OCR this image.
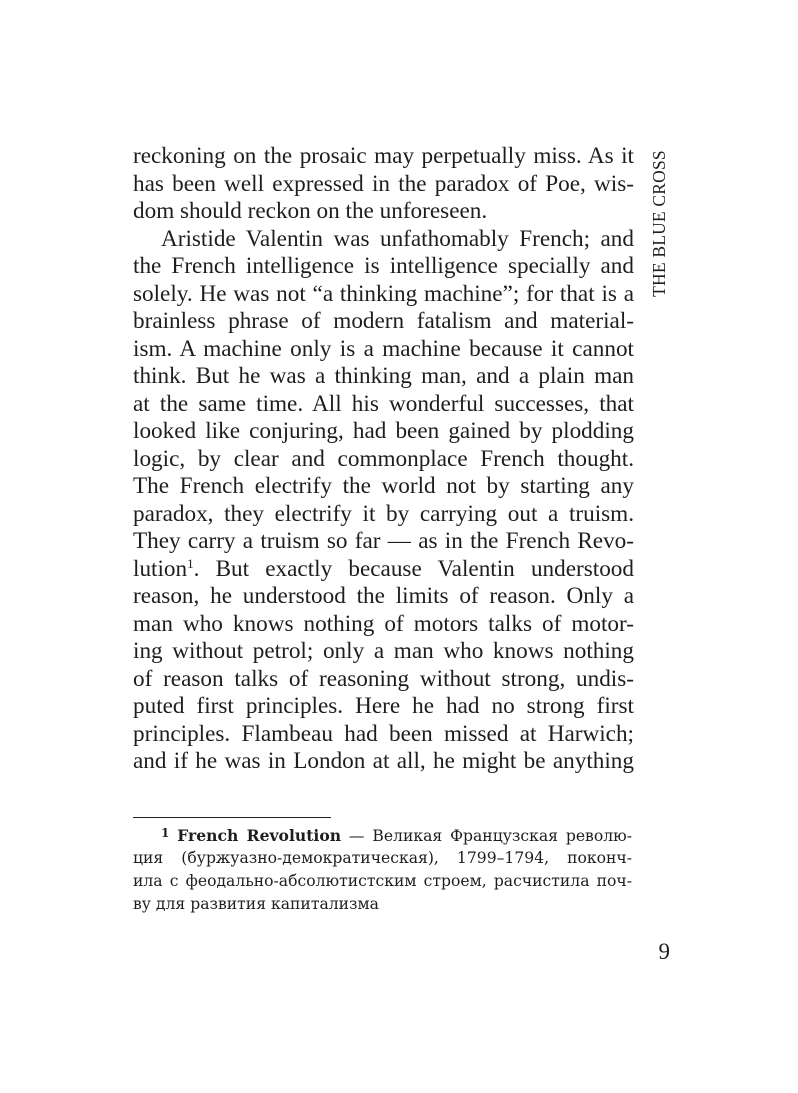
THE BLUE CROSS
reckoning on the prosaic may perpetually miss. As it
has been well expressed in the paradox of Poe, wis-
dom should reckon on the unforeseen.
Aristide Valentin was unfathomably French; and
the French intelligence is intelligence specially and
solely. He was not “a thinking machine”; for that is a
brainless phrase of modern fatalism and material-
ism. A machine only is a machine because it cannot
think. But he was a thinking man, and a plain man
at the same time. All his wonderful successes, that
looked like conjuring, had been gained by plodding
logic, by clear and commonplace French thought.
The French electrify the world not by starting any
paradox, they electrify it by carrying out a truism.
They carry a truism so far — as in the French Revo-
lution$^1$. But exactly because Valentin understood
reason, he understood the limits of reason. Only a
man who knows nothing of motors talks of motor-
ing without petrol; only a man who knows nothing
of reason talks of reasoning without strong, undis-
puted first principles. Here he had no strong first
principles. Flambeau had been missed at Harwich;
and if he was in London at all, he might be anything
$^1$ French Revolution — Великая Французская револю-
ция (буржуазно-демократическая), 1799–1794, поконч-
ила с феодально-абсолютистским строем, расчистила поч-
ву для развития капитализма
9
